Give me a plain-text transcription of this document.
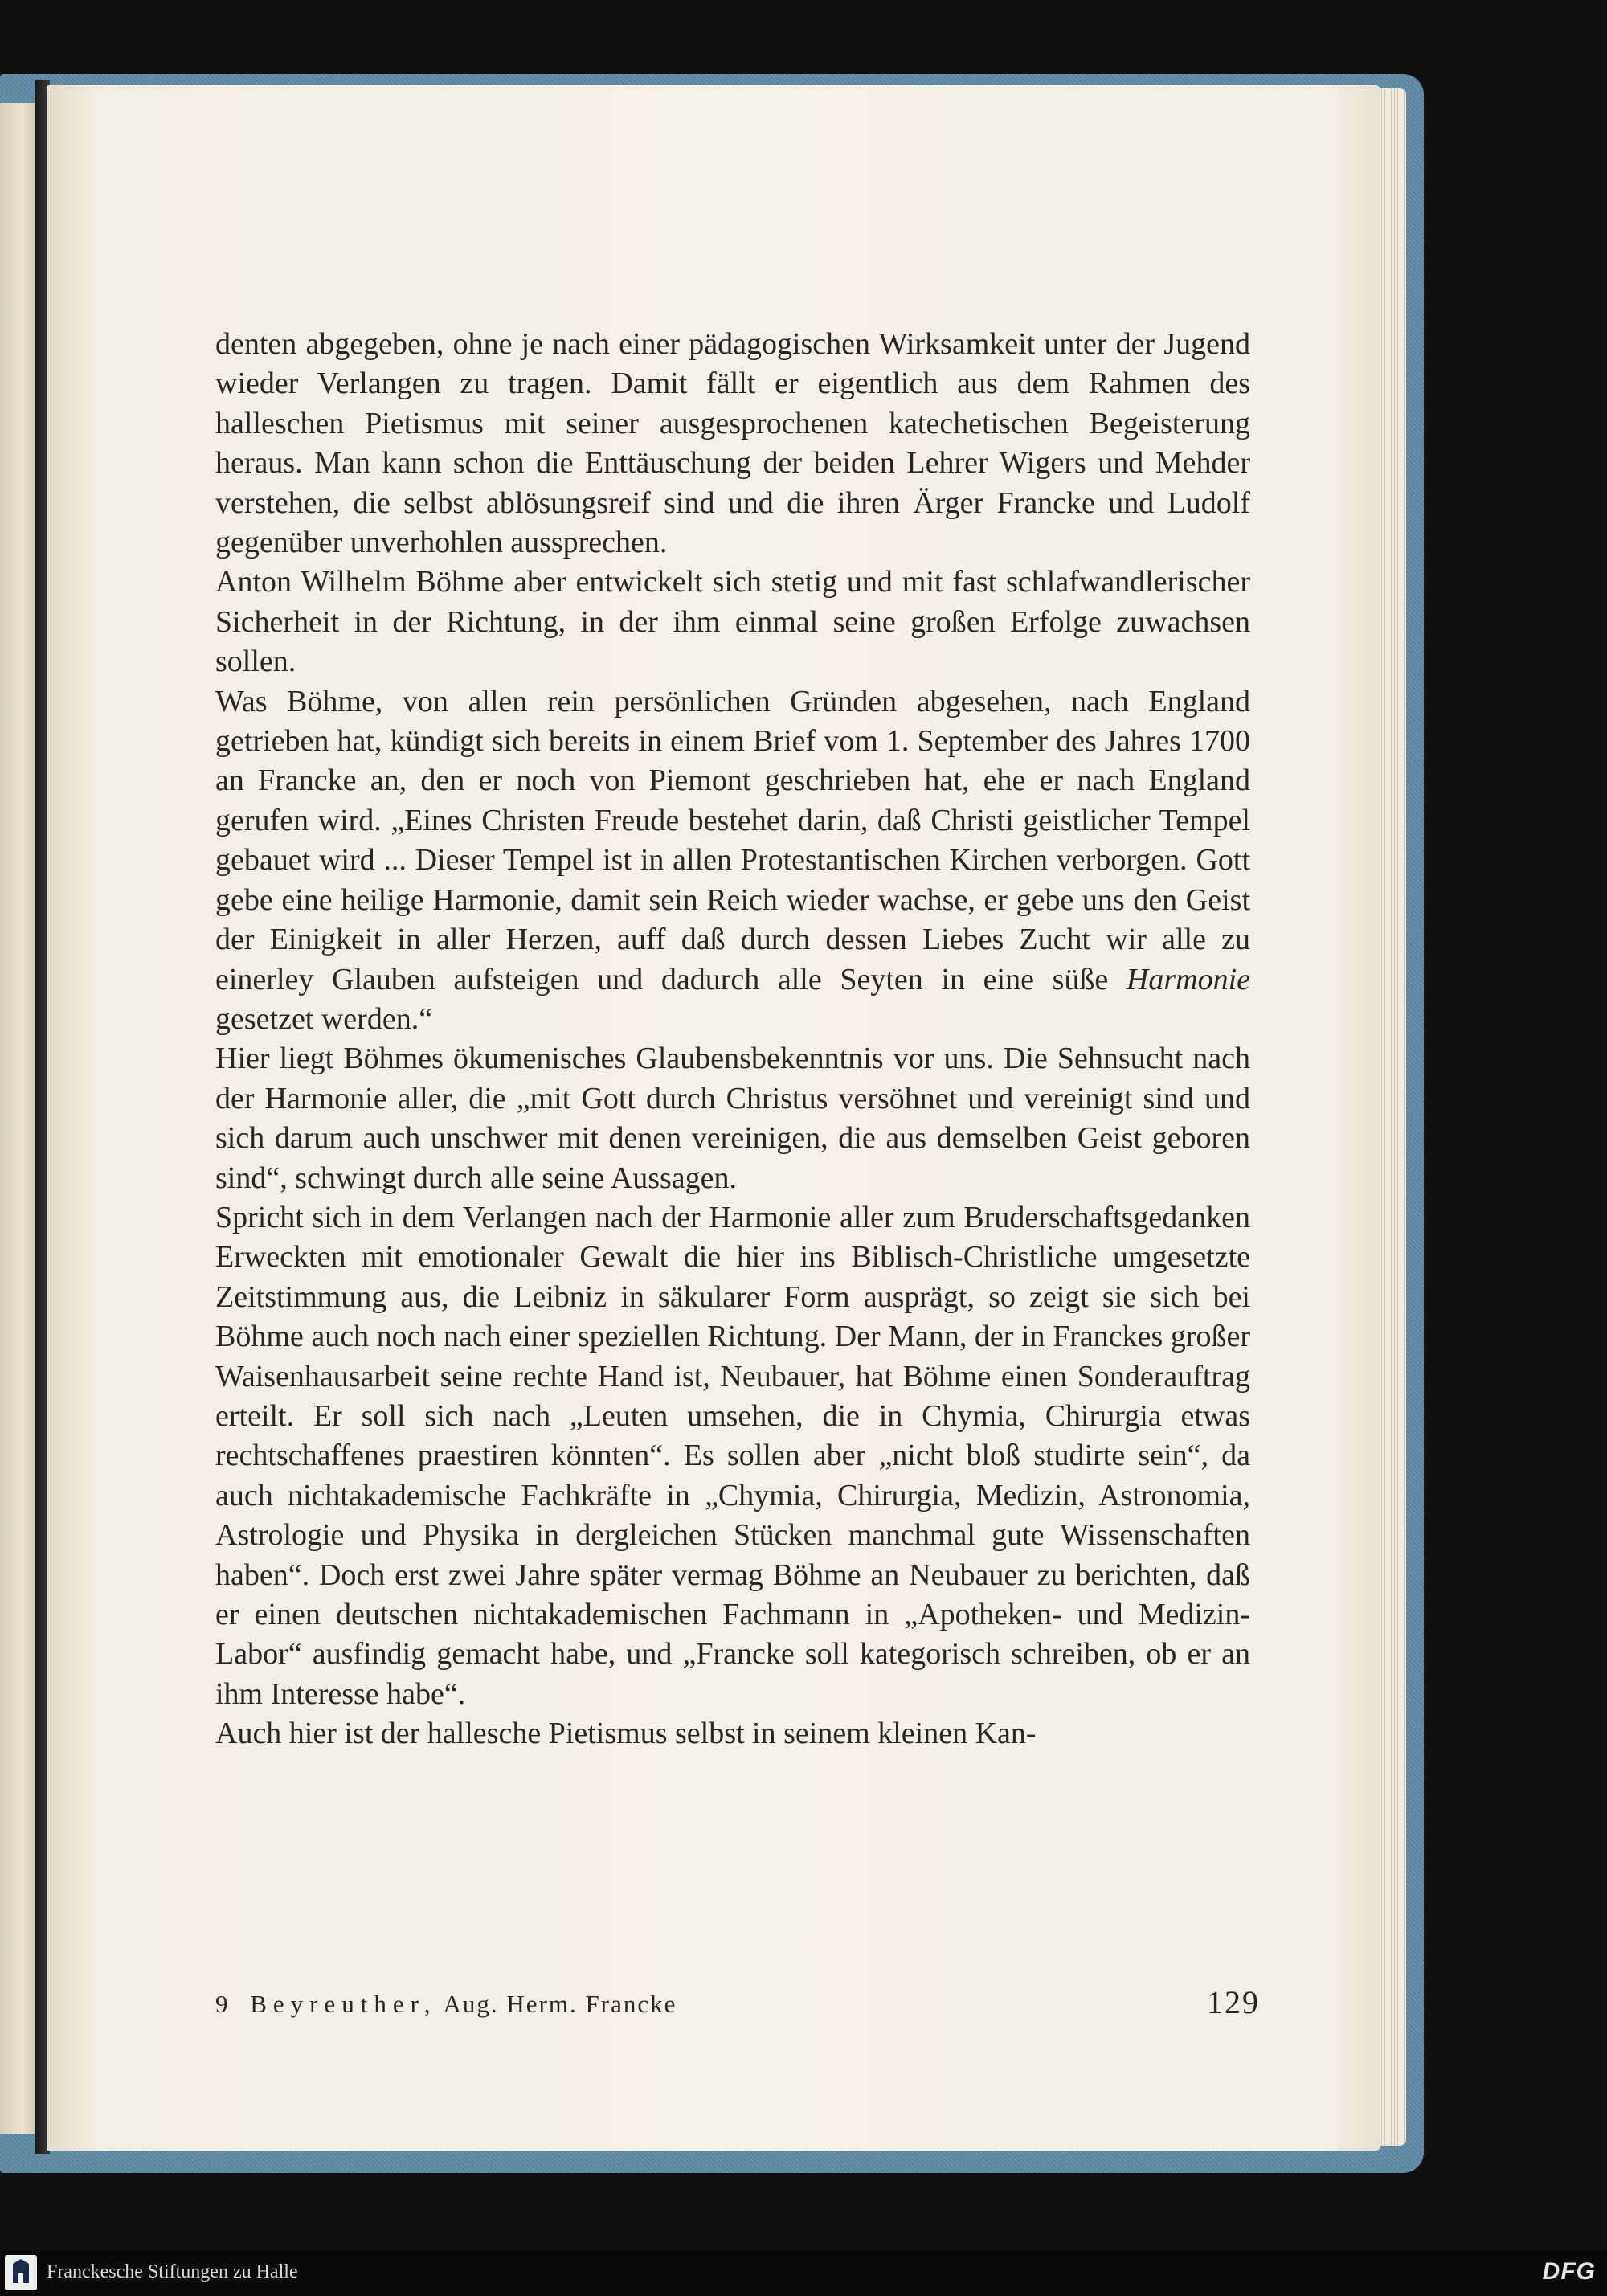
denten abgegeben, ohne je nach einer pädagogischen Wirksamkeit unter der Jugend wieder Verlangen zu tragen. Damit fällt er eigentlich aus dem Rahmen des halleschen Pietismus mit seiner ausgesprochenen katechetischen Begeisterung heraus. Man kann schon die Enttäuschung der beiden Lehrer Wigers und Mehder verstehen, die selbst ablösungsreif sind und die ihren Ärger Francke und Ludolf gegenüber unverhohlen aussprechen.

Anton Wilhelm Böhme aber entwickelt sich stetig und mit fast schlafwandlerischer Sicherheit in der Richtung, in der ihm einmal seine großen Erfolge zuwachsen sollen.

Was Böhme, von allen rein persönlichen Gründen abgesehen, nach England getrieben hat, kündigt sich bereits in einem Brief vom 1. September des Jahres 1700 an Francke an, den er noch von Piemont geschrieben hat, ehe er nach England gerufen wird. „Eines Christen Freude bestehet darin, daß Christi geistlicher Tempel gebauet wird ... Dieser Tempel ist in allen Protestantischen Kirchen verborgen. Gott gebe eine heilige Harmonie, damit sein Reich wieder wachse, er gebe uns den Geist der Einigkeit in aller Herzen, auff daß durch dessen Liebes Zucht wir alle zu einerley Glauben aufsteigen und dadurch alle Seyten in eine süße Harmonie gesetzet werden.“

Hier liegt Böhmes ökumenisches Glaubensbekenntnis vor uns. Die Sehnsucht nach der Harmonie aller, die „mit Gott durch Christus versöhnet und vereinigt sind und sich darum auch unschwer mit denen vereinigen, die aus demselben Geist geboren sind“, schwingt durch alle seine Aussagen.

Spricht sich in dem Verlangen nach der Harmonie aller zum Bruderschaftsgedanken Erweckten mit emotionaler Gewalt die hier ins Biblisch-Christliche umgesetzte Zeitstimmung aus, die Leibniz in säkularer Form ausprägt, so zeigt sie sich bei Böhme auch noch nach einer speziellen Richtung. Der Mann, der in Franckes großer Waisenhausarbeit seine rechte Hand ist, Neubauer, hat Böhme einen Sonderauftrag erteilt. Er soll sich nach „Leuten umsehen, die in Chymia, Chirurgia etwas rechtschaffenes praestiren könnten“. Es sollen aber „nicht bloß studirte sein“, da auch nichtakademische Fachkräfte in „Chymia, Chirurgia, Medizin, Astronomia, Astrologie und Physika in dergleichen Stücken manchmal gute Wissenschaften haben“. Doch erst zwei Jahre später vermag Böhme an Neubauer zu berichten, daß er einen deutschen nichtakademischen Fachmann in „Apotheken- und Medizin-Labor“ ausfindig gemacht habe, und „Francke soll kategorisch schreiben, ob er an ihm Interesse habe“.

Auch hier ist der hallesche Pietismus selbst in seinem kleinen Kan-

9 Beyreuther, Aug. Herm. Francke	129
Franckesche Stiftungen zu Halle	DFG
